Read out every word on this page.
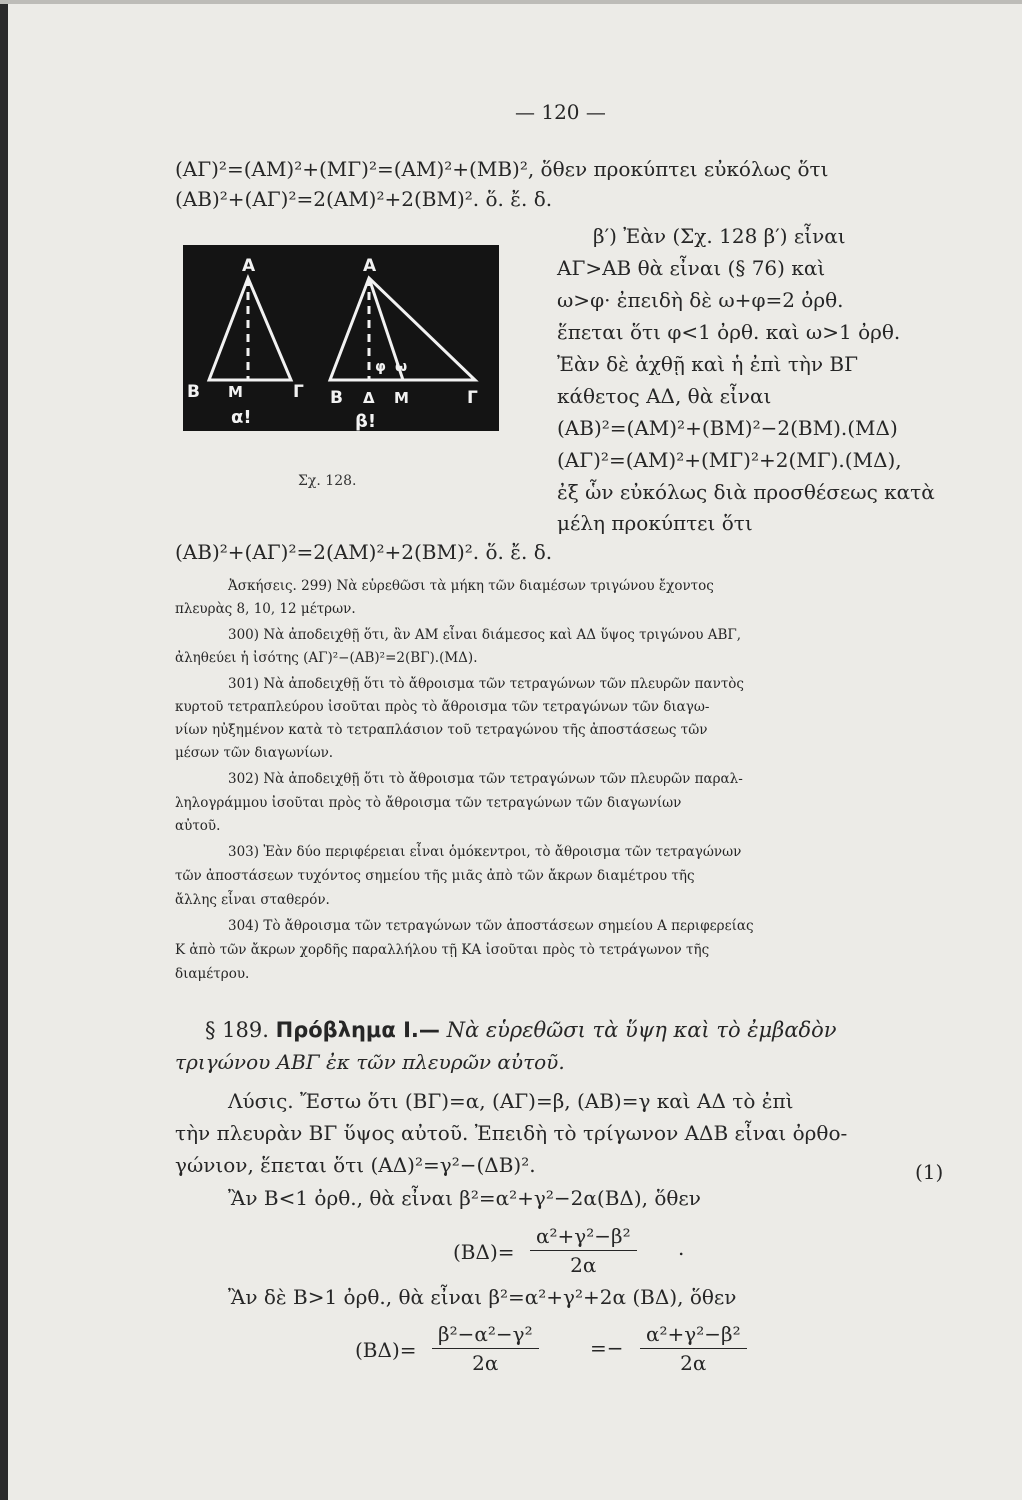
— 120 —
(ΑΓ)²=(ΑΜ)²+(ΜΓ)²=(ΑΜ)²+(ΜΒ)², ὅθεν προκύπτει εὐκόλως ὅτι
(ΑΒ)²+(ΑΓ)²=2(ΑΜ)²+2(ΒΜ)². ὅ. ἔ. δ.
Α
Β Μ	Γ
α!
Α
Β Δ Μ	Γ
φ ω
β!
Σχ. 128.
β′) Ἐὰν (Σχ. 128 β′) εἶναι
ΑΓ>ΑΒ θὰ εἶναι (§ 76) καὶ
ω>φ· ἐπειδὴ δὲ ω+φ=2 ὀρθ.
ἕπεται ὅτι φ<1 ὀρθ. καὶ ω>1 ὀρθ.
Ἐὰν δὲ ἀχθῇ καὶ ἡ ἐπὶ τὴν ΒΓ
κάθετος ΑΔ, θὰ εἶναι
(ΑΒ)²=(ΑΜ)²+(ΒΜ)²−2(ΒΜ).(ΜΔ)
(ΑΓ)²=(ΑΜ)²+(ΜΓ)²+2(ΜΓ).(ΜΔ),
ἐξ ὧν εὐκόλως διὰ προσθέσεως κατὰ
μέλη προκύπτει ὅτι
(ΑΒ)²+(ΑΓ)²=2(ΑΜ)²+2(ΒΜ)². ὅ. ἔ. δ.
Ἀσκήσεις. 299) Νὰ εὑρεθῶσι τὰ μήκη τῶν διαμέσων τριγώνου ἔχοντος
πλευρὰς 8, 10, 12 μέτρων.
300) Νὰ ἀποδειχθῇ ὅτι, ἂν ΑΜ εἶναι διάμεσος καὶ ΑΔ ὕψος τριγώνου ΑΒΓ,
ἀληθεύει ἡ ἰσότης (ΑΓ)²−(ΑΒ)²=2(ΒΓ).(ΜΔ).
301) Νὰ ἀποδειχθῇ ὅτι τὸ ἄθροισμα τῶν τετραγώνων τῶν πλευρῶν παντὸς
κυρτοῦ τετραπλεύρου ἰσοῦται πρὸς τὸ ἄθροισμα τῶν τετραγώνων τῶν διαγω-
νίων ηὐξημένον κατὰ τὸ τετραπλάσιον τοῦ τετραγώνου τῆς ἀποστάσεως τῶν
μέσων τῶν διαγωνίων.
302) Νὰ ἀποδειχθῇ ὅτι τὸ ἄθροισμα τῶν τετραγώνων τῶν πλευρῶν παραλ-
ληλογράμμου ἰσοῦται πρὸς τὸ ἄθροισμα τῶν τετραγώνων τῶν διαγωνίων
αὐτοῦ.
303) Ἐὰν δύο περιφέρειαι εἶναι ὁμόκεντροι, τὸ ἄθροισμα τῶν τετραγώνων
τῶν ἀποστάσεων τυχόντος σημείου τῆς μιᾶς ἀπὸ τῶν ἄκρων διαμέτρου τῆς
ἄλλης εἶναι σταθερόν.
304) Τὸ ἄθροισμα τῶν τετραγώνων τῶν ἀποστάσεων σημείου Α περιφερείας
Κ ἀπὸ τῶν ἄκρων χορδῆς παραλλήλου τῇ ΚΑ ἰσοῦται πρὸς τὸ τετράγωνον τῆς
διαμέτρου.
§ 189. Πρόβλημα Ι.— Νὰ εὑρεθῶσι τὰ ὕψη καὶ τὸ ἐμβαδὸν
τριγώνου ΑΒΓ ἐκ τῶν πλευρῶν αὐτοῦ.
Λύσις. Ἔστω ὅτι (ΒΓ)=α, (ΑΓ)=β, (ΑΒ)=γ καὶ ΑΔ τὸ ἐπὶ
τὴν πλευρὰν ΒΓ ὕψος αὐτοῦ. Ἐπειδὴ τὸ τρίγωνον ΑΔΒ εἶναι ὀρθο-
γώνιον, ἕπεται ὅτι (ΑΔ)²=γ²−(ΔΒ)².	(1)
Ἂν Β<1 ὀρθ., θὰ εἶναι β²=α²+γ²−2α(ΒΔ), ὅθεν
$(B\Delta)= \frac{\text{α²+γ²−β²}}{2\alpha}$ .
Ἂν δὲ Β>1 ὀρθ., θὰ εἶναι β²=α²+γ²+2α (ΒΔ), ὅθεν
$(B\Delta)= \frac{\text{β²−α²−γ²}}{2\alpha}$	=− $\frac{\text{α²+γ²−β²}}{2\alpha}$
